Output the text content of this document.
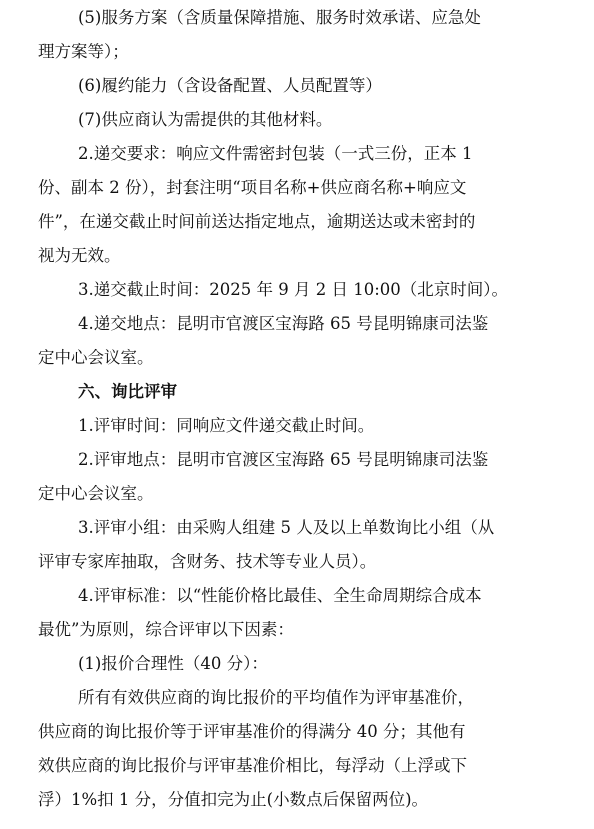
(5)服务方案（含质量保障措施、服务时效承诺、应急处
理方案等）；
(6)履约能力（含设备配置、人员配置等）
(7)供应商认为需提供的其他材料。
2.递交要求：响应文件需密封包装（一式三份，正本 1
份、副本 2 份），封套注明“项目名称+供应商名称+响应文
件”，在递交截止时间前送达指定地点，逾期送达或未密封的
视为无效。
3.递交截止时间：2025 年 9 月 2 日 10:00（北京时间）。
4.递交地点：昆明市官渡区宝海路 65 号昆明锦康司法鉴
定中心会议室。
六、询比评审
1.评审时间：同响应文件递交截止时间。
2.评审地点：昆明市官渡区宝海路 65 号昆明锦康司法鉴
定中心会议室。
3.评审小组：由采购人组建 5 人及以上单数询比小组（从
评审专家库抽取，含财务、技术等专业人员）。
4.评审标准：以“性能价格比最佳、全生命周期综合成本
最优”为原则，综合评审以下因素：
(1)报价合理性（40 分）：
所有有效供应商的询比报价的平均值作为评审基准价，
供应商的询比报价等于评审基准价的得满分 40 分；其他有
效供应商的询比报价与评审基准价相比，每浮动（上浮或下
浮）1%扣 1 分，分值扣完为止(小数点后保留两位)。
